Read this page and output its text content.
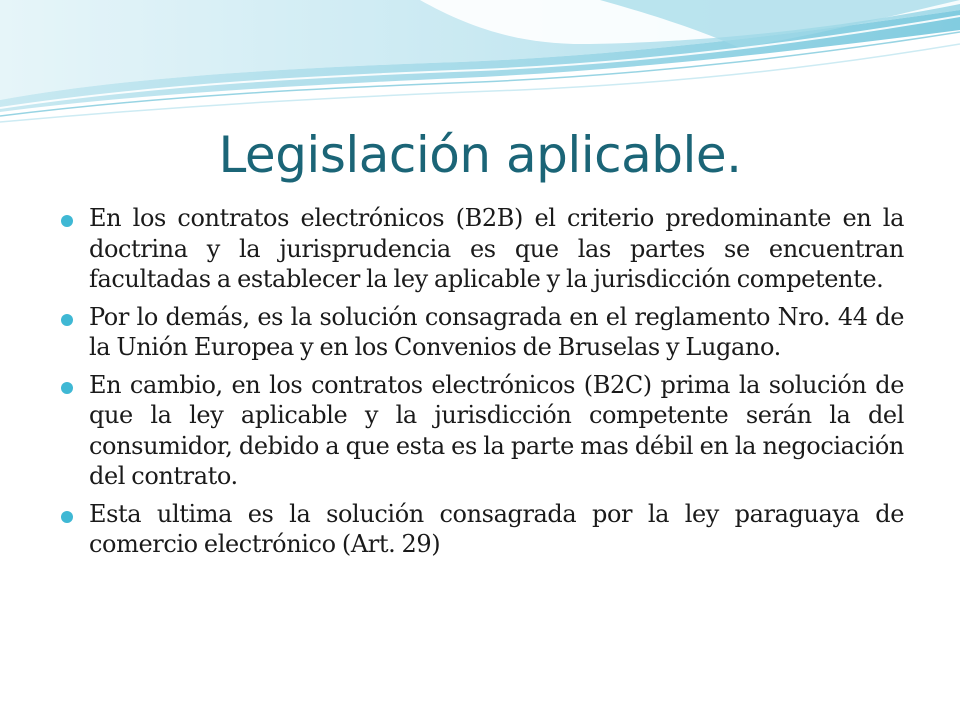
Legislación aplicable.
En los contratos electrónicos (B2B) el criterio predominante en la doctrina y la jurisprudencia es que las partes se encuentran facultadas a establecer la ley aplicable y la jurisdicción competente.
Por lo demás, es la solución consagrada en el reglamento Nro. 44 de la Unión Europea y en los Convenios de Bruselas y Lugano.
En cambio, en los contratos electrónicos (B2C) prima la solución de que la ley aplicable y la jurisdicción competente serán la del consumidor, debido a que esta es la parte mas débil en la negociación del contrato.
Esta ultima es la solución consagrada por la ley paraguaya de comercio electrónico (Art. 29)
